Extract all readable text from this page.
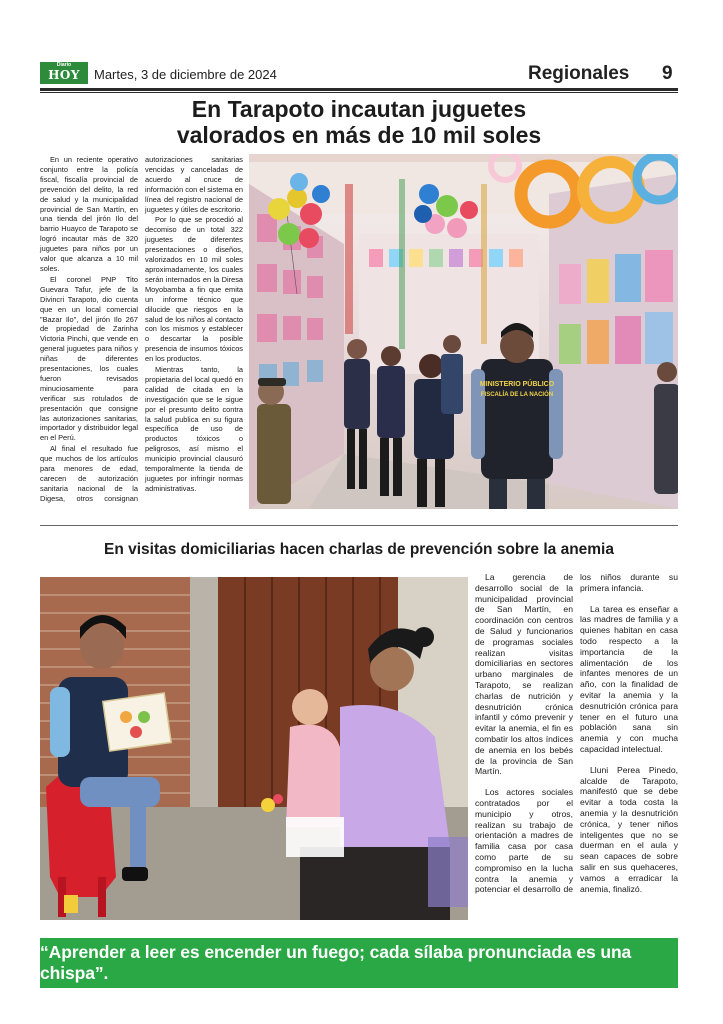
Diario
HOY	Martes, 3 de diciembre de 2024	Regionales 9
En Tarapoto incautan juguetes
valorados en más de 10 mil soles

En un reciente operativo conjunto entre la policía fiscal, fiscalía provincial de prevención del delito, la red de salud y la municipalidad provincial de San Martín, en una tienda del jirón Ilo del barrio Huayco de Tarapoto se logró incautar más de 320 juguetes para niños por un valor que alcanza a 10 mil soles.

El coronel PNP Tito Guevara Tafur, jefe de la Divincri Tarapoto, dio cuenta que en un local comercial "Bazar Ilo", del jirón Ilo 267 de propiedad de Zarinha Victoria Pinchi, que vende en general juguetes para niños y niñas de diferentes presentaciones, los cuales fueron revisados minuciosamente para verificar sus rotulados de presentación que consigne las autorizaciones sanitarias, importador y distribuidor legal en el Perú.

Al final el resultado fue que muchos de los artículos para menores de edad, carecen de autorización sanitaria nacional de la Digesa, otros consignan autorizaciones sanitarias vencidas y canceladas de acuerdo al cruce de información con el sistema en línea del registro nacional de juguetes y útiles de escritorio.

Por lo que se procedió al decomiso de un total 322 juguetes de diferentes presentaciones o diseños, valorizados en 10 mil soles aproximadamente, los cuales serán internados en la Diresa Moyobamba a fin que emita un informe técnico que dilucide que riesgos en la salud de los niños al contacto con los mismos y establecer o descartar la posible presencia de insumos tóxicos en los productos.

Mientras tanto, la propietaria del local quedó en calidad de citada en la investigación que se le sigue por el presunto delito contra la salud publica en su figura específica de uso de productos tóxicos o peligrosos, así mismo el municipio provincial clausuró temporalmente la tienda de juguetes por infringir normas administrativas.

MINISTERIO PÚBLICO
FISCALÍA DE LA NACIÓN
En visitas domiciliarias hacen charlas de prevención sobre la anemia

La gerencia de desarrollo social de la municipalidad provincial de San Martín, en coordinación con centros de Salud y funcionarios de programas sociales realizan visitas domiciliarias en sectores urbano marginales de Tarapoto, se realizan charlas de nutrición y desnutrición crónica infantil y cómo prevenir y evitar la anemia, el fin es combatir los altos índices de anemia en los bebés de la provincia de San Martín.

Los actores sociales contratados por el municipio y otros, realizan su trabajo de orientación a madres de familia casa por casa como parte de su compromiso en la lucha contra la anemia y potenciar el desarrollo de los niños durante su primera infancia.

La tarea es enseñar a las madres de familia y a quienes habitan en casa todo respecto a la importancia de la alimentación de los infantes menores de un año, con la finalidad de evitar la anemia y la desnutrición crónica para tener en el futuro una población sana sin anemia y con mucha capacidad intelectual.

Lluni Perea Pinedo, alcalde de Tarapoto, manifestó que se debe evitar a toda costa la anemia y la desnutrición crónica, y tener niños inteligentes que no se duerman en el aula y sean capaces de sobre salir en sus quehaceres, vamos a erradicar la anemia, finalizó.

“Aprender a leer es encender un fuego; cada sílaba pronunciada es una chispa”.
